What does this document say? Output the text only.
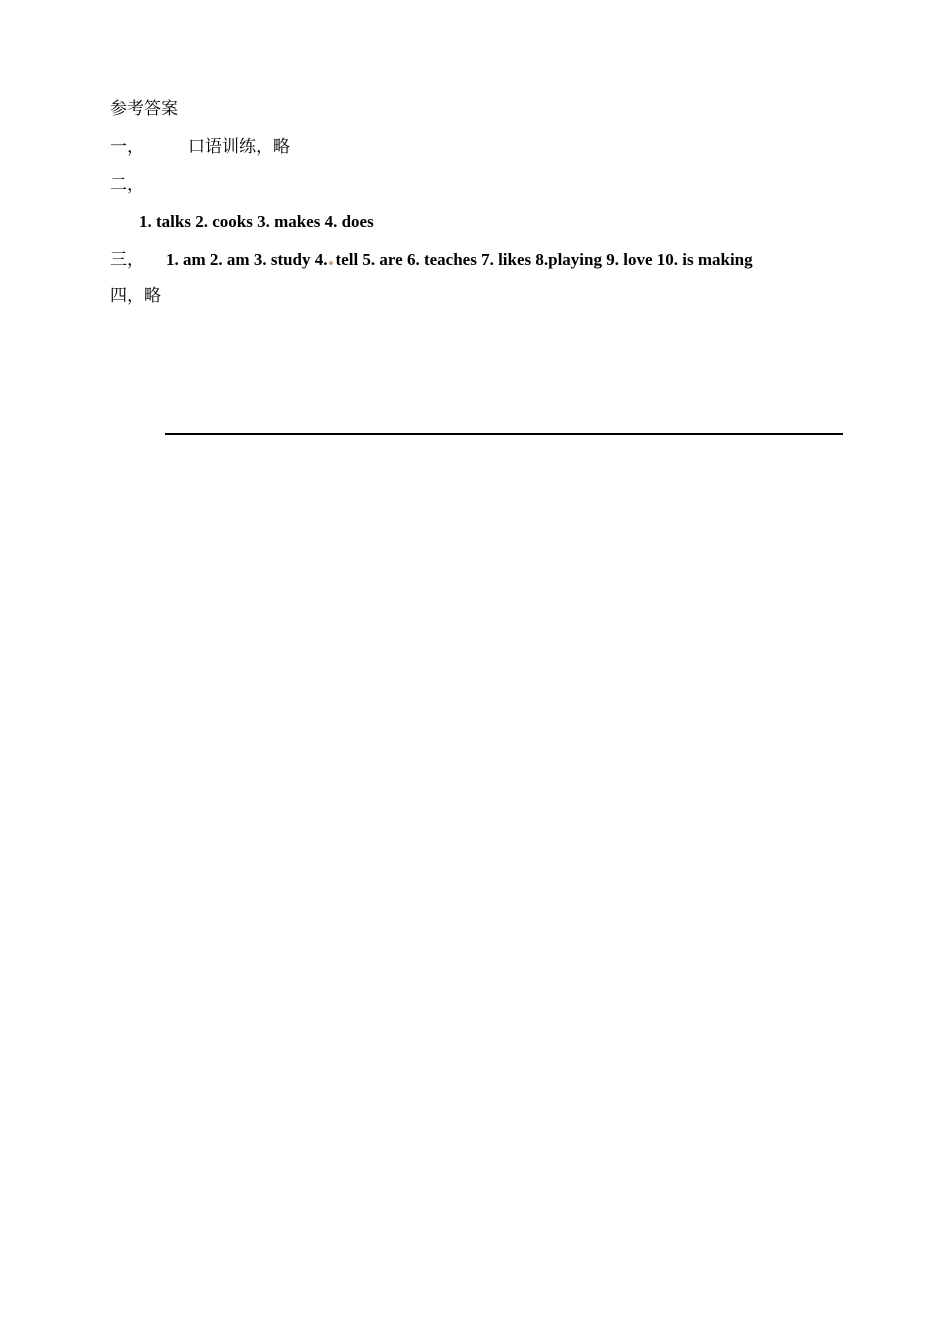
参考答案
一，	口语训练，略
二，
1. talks 2. cooks 3. makes 4. does
三， 1. am 2. am 3. study 4. tell 5. are 6. teaches 7. likes 8.playing 9. love 10. is making
四，略
